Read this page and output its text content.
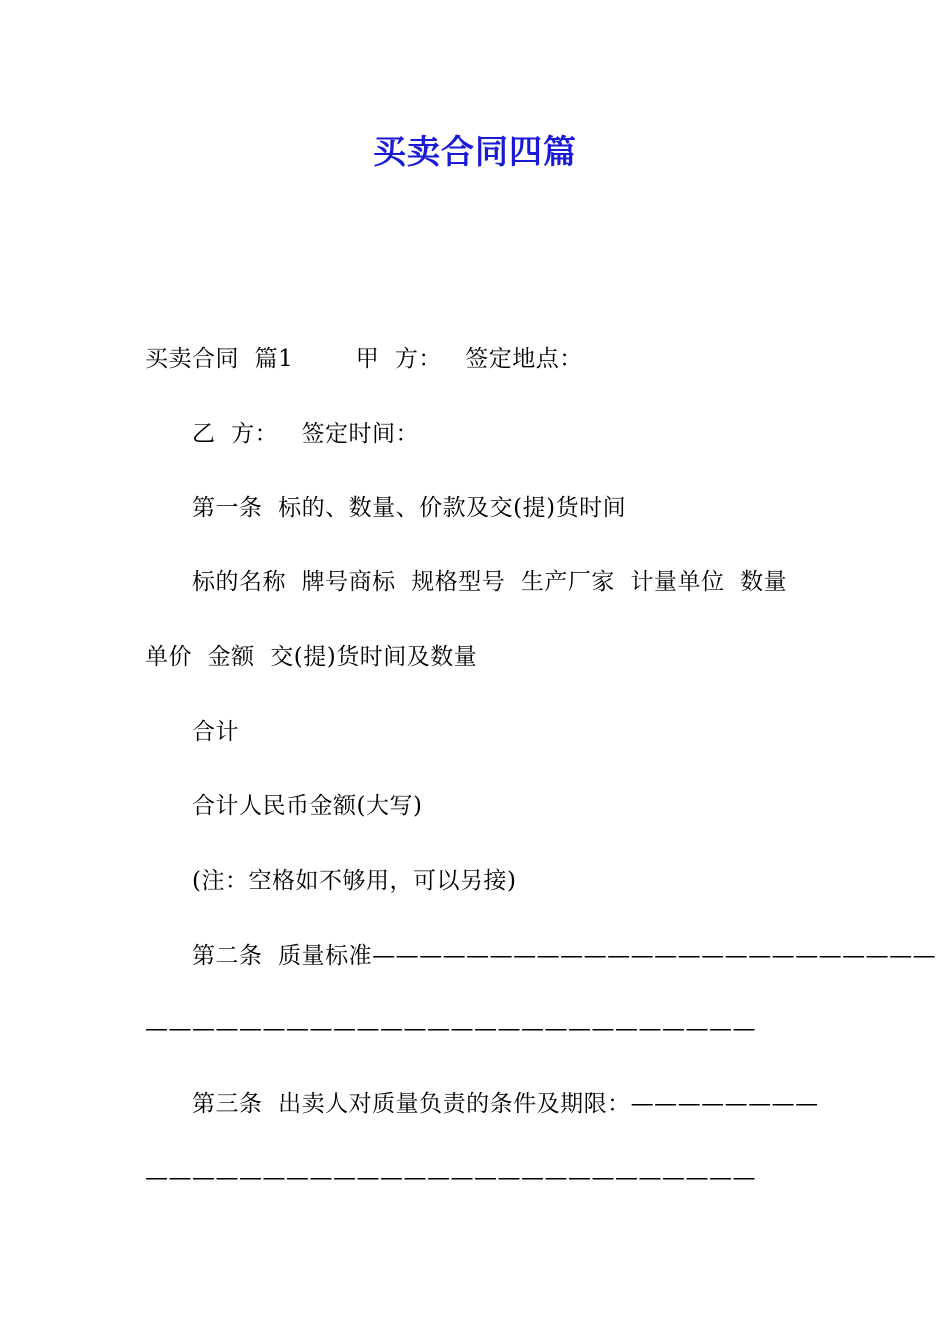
买卖合同四篇
买卖合同  篇1        甲  方：   签定地点：
乙  方：   签定时间：
第一条  标的、数量、价款及交(提)货时间
标的名称  牌号商标  规格型号  生产厂家  计量单位  数量
单价  金额  交(提)货时间及数量
合计
合计人民币金额(大写)
(注：空格如不够用，可以另接)
第二条  质量标准————————————————————————
——————————————————————————
第三条  出卖人对质量负责的条件及期限：————————
——————————————————————————
